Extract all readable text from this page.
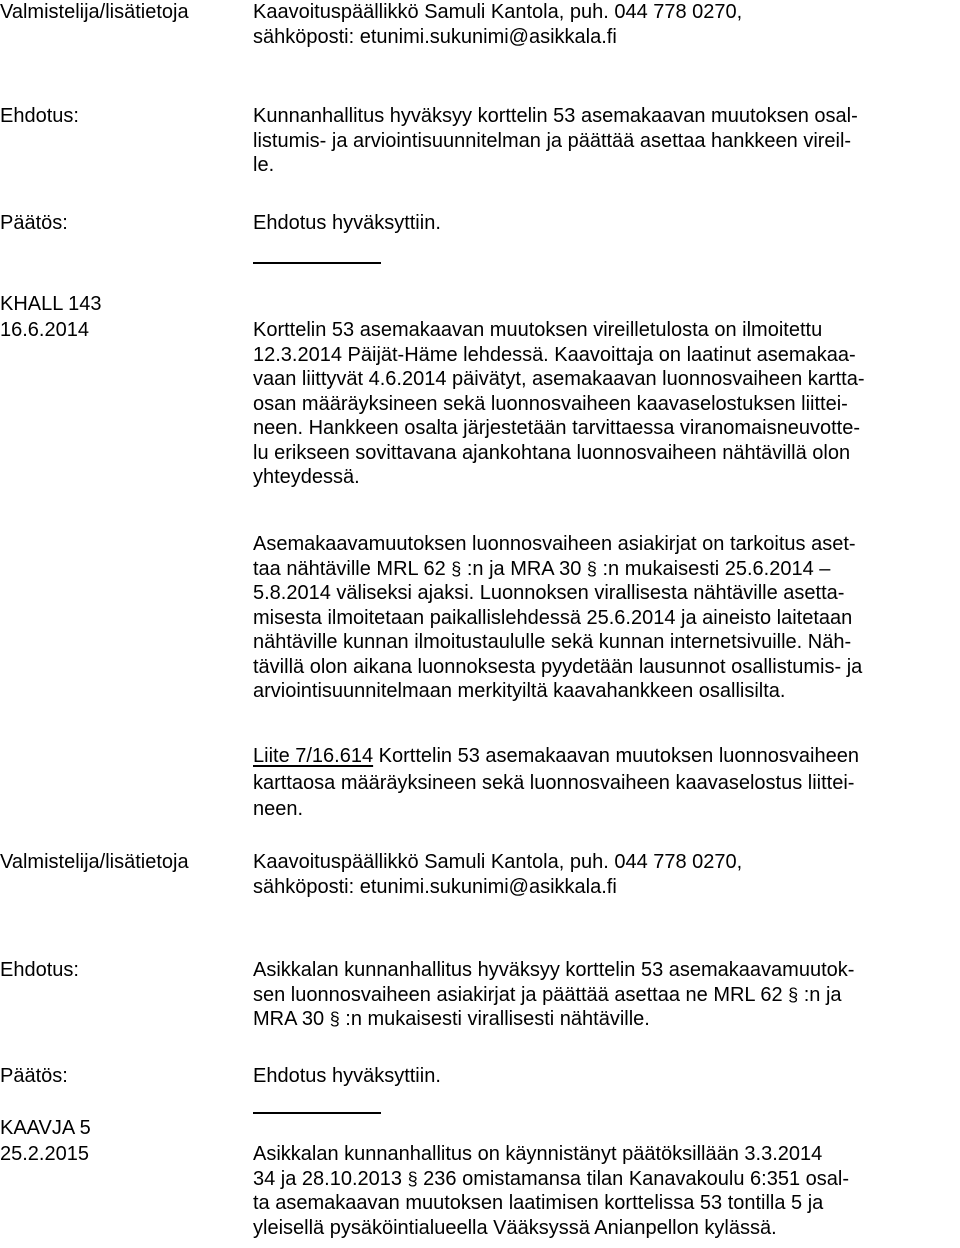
Valmistelija/lisätietoja	Kaavoituspäällikkö Samuli Kantola, puh. 044 778 0270,
sähköposti: etunimi.sukunimi@asikkala.fi
Ehdotus:	Kunnanhallitus hyväksyy korttelin 53 asemakaavan muutoksen osal-
listumis- ja arviointisuunnitelman ja päättää asettaa hankkeen vireil-
le.
Päätös:	Ehdotus hyväksyttiin.
KHALL 143
16.6.2014	Korttelin 53 asemakaavan muutoksen vireilletulosta on ilmoitettu
12.3.2014 Päijät-Häme lehdessä. Kaavoittaja on laatinut asemakaa-
vaan liittyvät 4.6.2014 päivätyt, asemakaavan luonnosvaiheen kartta-
osan määräyksineen sekä luonnosvaiheen kaavaselostuksen liittei-
neen. Hankkeen osalta järjestetään tarvittaessa viranomaisneuvotte-
lu erikseen sovittavana ajankohtana luonnosvaiheen nähtävillä olon
yhteydessä.
Asemakaavamuutoksen luonnosvaiheen asiakirjat on tarkoitus aset-
taa nähtäville MRL 62 § :n ja MRA 30 § :n mukaisesti 25.6.2014 –
5.8.2014 väliseksi ajaksi. Luonnoksen virallisesta nähtäville asetta-
misesta ilmoitetaan paikallislehdessä 25.6.2014 ja aineisto laitetaan
nähtäville kunnan ilmoitustaululle sekä kunnan internetsivuille. Näh-
tävillä olon aikana luonnoksesta pyydetään lausunnot osallistumis- ja
arviointisuunnitelmaan merkityiltä kaavahankkeen osallisilta.
Liite 7/16.614 Korttelin 53 asemakaavan muutoksen luonnosvaiheen
karttaosa määräyksineen sekä luonnosvaiheen kaavaselostus liittei-
neen.
Valmistelija/lisätietoja	Kaavoituspäällikkö Samuli Kantola, puh. 044 778 0270,
sähköposti: etunimi.sukunimi@asikkala.fi
Ehdotus:	Asikkalan kunnanhallitus hyväksyy korttelin 53 asemakaavamuutok-
sen luonnosvaiheen asiakirjat ja päättää asettaa ne MRL 62 § :n ja
MRA 30 § :n mukaisesti virallisesti nähtäville.
Päätös:	Ehdotus hyväksyttiin.
KAAVJA 5
25.2.2015	Asikkalan kunnanhallitus on käynnistänyt päätöksillään 3.3.2014
34 ja 28.10.2013 § 236 omistamansa tilan Kanavakoulu 6:351 osal-
ta asemakaavan muutoksen laatimisen korttelissa 53 tontilla 5 ja
yleisellä pysäköintialueella Vääksyssä Anianpellon kylässä.
